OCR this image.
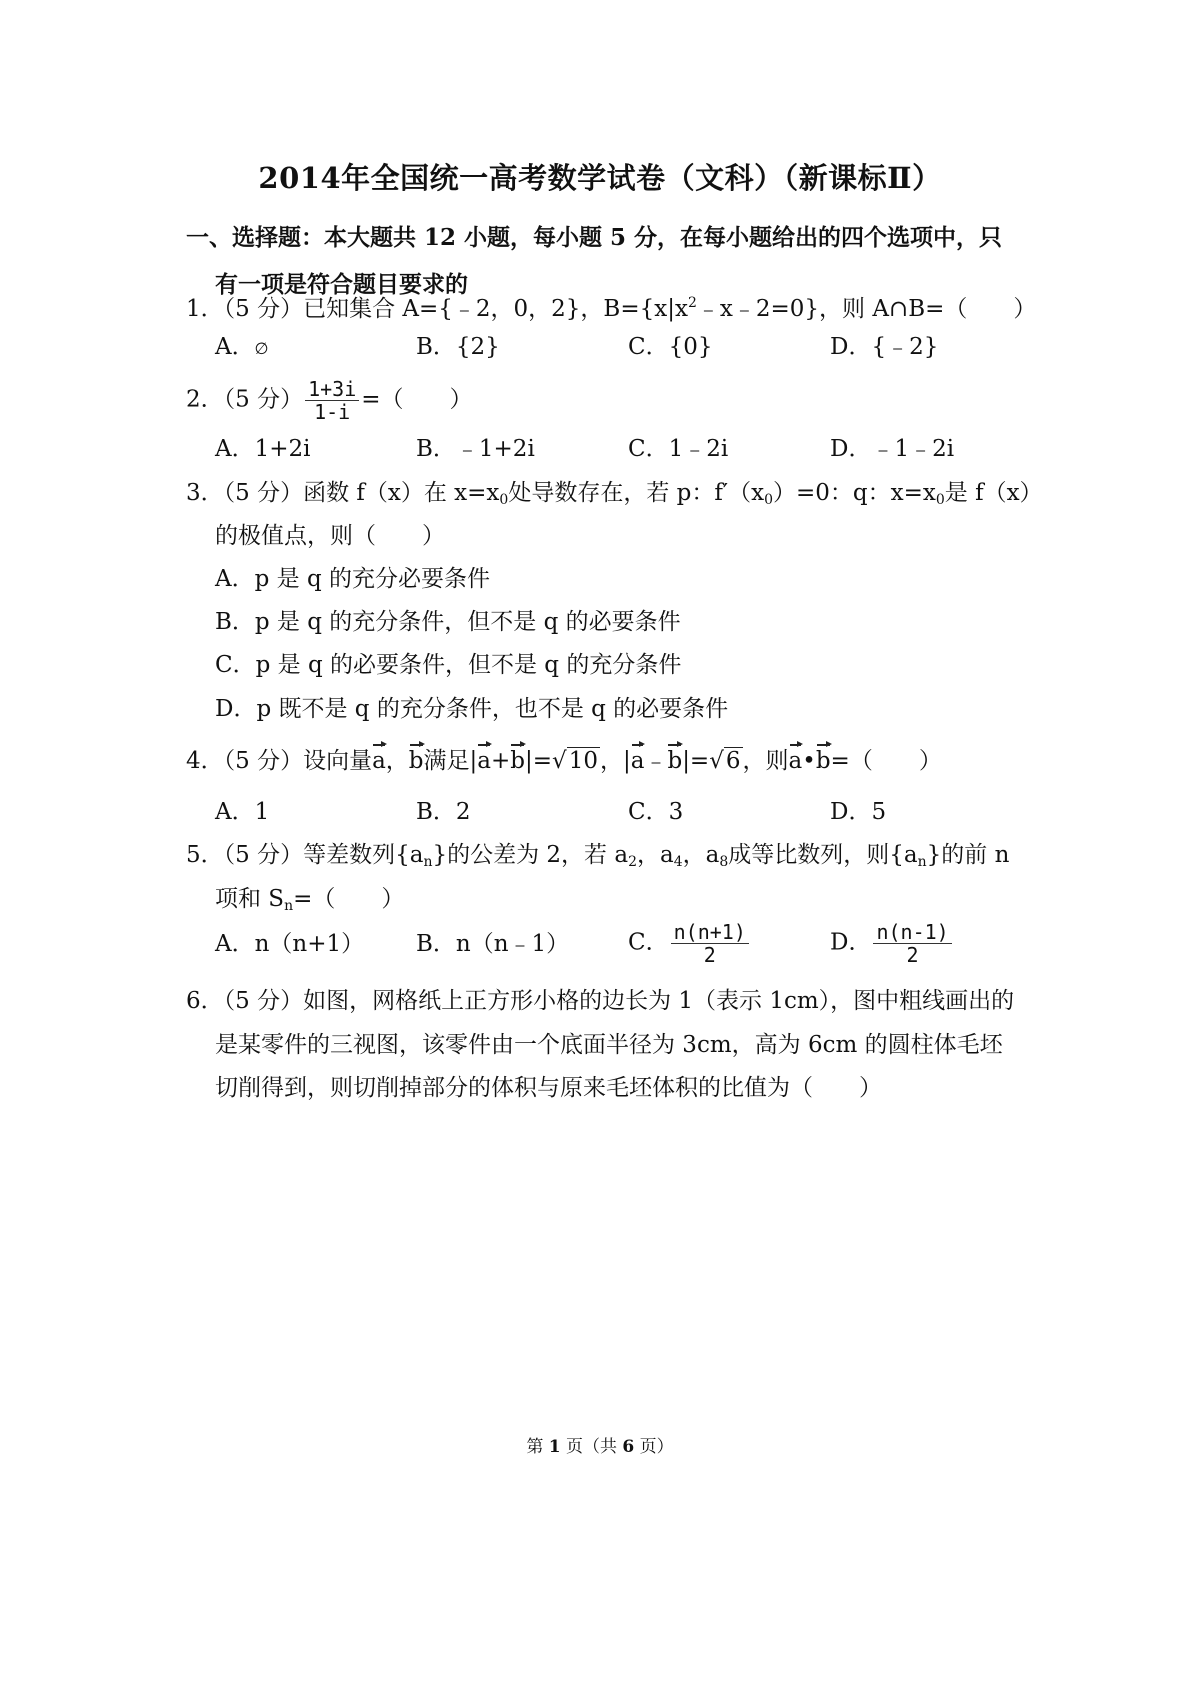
2014年全国统一高考数学试卷（文科）（新课标Ⅱ）
一、选择题：本大题共 12 小题，每小题 5 分，在每小题给出的四个选项中，只
有一项是符合题目要求的
1．（5 分）已知集合 A={﹣2，0，2}，$B=\{x|x^2﹣x﹣2=0\}$，则 A∩B=（　　）
A．∅	B．{2}	C．{0}	D．{﹣2}
2．（5 分） $\frac{1+3i}{1-i}$ =（　　）
A．1+2i	B．﹣1+2i	C．1﹣2i	D．﹣1﹣2i
3．（5 分）函数 f（x）在 $x=x_0$处导数存在，若 p：$f'(x_0)=0$：q：$x=x_0$是 f（x）
的极值点，则（　　）
A．p 是 q 的充分必要条件
B．p 是 q 的充分条件，但不是 q 的必要条件
C．p 是 q 的必要条件，但不是 q 的充分条件
D．p 既不是 q 的充分条件，也不是 q 的必要条件
4．（5 分）设向量a，b满足|a+b|=√10，|a﹣b|=√6，则a•b=（　　）
A．1	B．2	C．3	D．5
5．（5 分）等差数列$\{a_n\}$的公差为 2，若 $a_2$，$a_4$，$a_8$成等比数列，则$\{a_n\}$的前 n
项和 $S_n=$（　　）
A．n（n+1） B．n（n﹣1）	C． $\frac{n(n+1)}{2}$	D． $\frac{n(n-1)}{2}$
6．（5 分）如图，网格纸上正方形小格的边长为 1（表示 1cm），图中粗线画出的
是某零件的三视图，该零件由一个底面半径为 3cm，高为 6cm 的圆柱体毛坯
切削得到，则切削掉部分的体积与原来毛坯体积的比值为（　　）
第 1 页（共 6 页）
